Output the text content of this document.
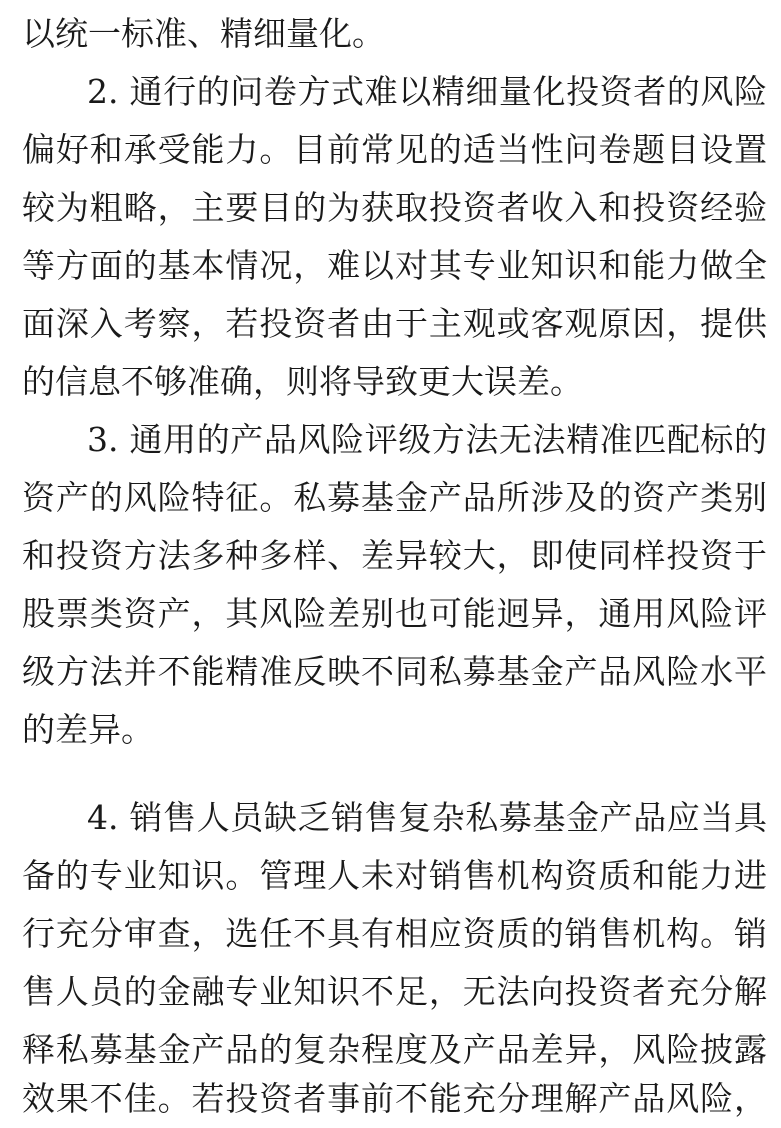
以统一标准、精细量化。
2. 通行的问卷方式难以精细量化投资者的风险
偏好和承受能力。目前常见的适当性问卷题目设置
较为粗略，主要目的为获取投资者收入和投资经验
等方面的基本情况，难以对其专业知识和能力做全
面深入考察，若投资者由于主观或客观原因，提供
的信息不够准确，则将导致更大误差。
3. 通用的产品风险评级方法无法精准匹配标的
资产的风险特征。私募基金产品所涉及的资产类别
和投资方法多种多样、差异较大，即使同样投资于
股票类资产，其风险差别也可能迥异，通用风险评
级方法并不能精准反映不同私募基金产品风险水平
的差异。
4. 销售人员缺乏销售复杂私募基金产品应当具
备的专业知识。管理人未对销售机构资质和能力进
行充分审查，选任不具有相应资质的销售机构。销
售人员的金融专业知识不足，无法向投资者充分解
释私募基金产品的复杂程度及产品差异，风险披露
效果不佳。若投资者事前不能充分理解产品风险，
